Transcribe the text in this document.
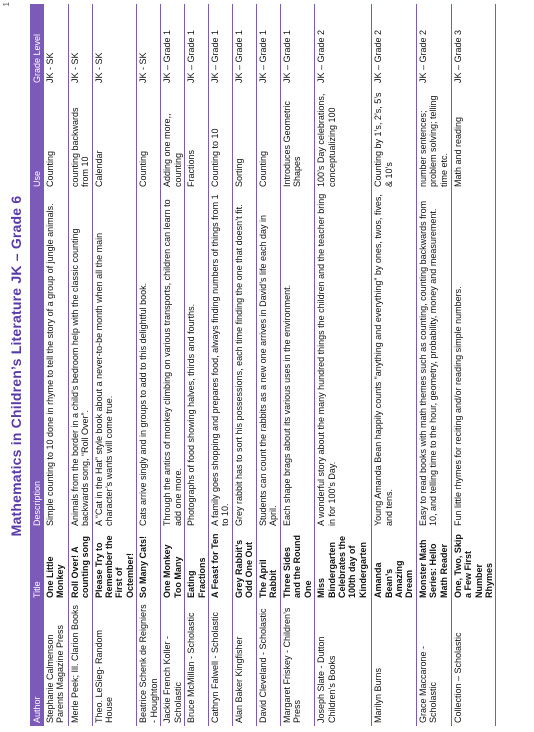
1
Mathematics in Children’s Literature JK – Grade 6
Author	Title	Description	Use	Grade Level
Stephanie Calmenson Parents Magazine Press	One Little Monkey	Simple counting to 10 done in rhyme to tell the story of a group of jungle animals.	Counting	JK - SK
Merle Peek; Ill. Clarion Books	Roll Over! A counting song	Animals from the border in a child’s bedroom help with the classic counting backwards song, “Roll Over”.	counting backwards from 10	JK - SK
Theo. LeSieg- Random House	Please Try to Remember the First of Octember!	A “Cat in the Hat” style book about a never-to-be month when all the main character’s wants will come true.	Calendar	JK - SK
Beatrice Schenk de Reigniers - Houghton	So Many Cats!	Cats arrive singly and in groups to add to this delightful book.	Counting	JK - SK
Jackie French Koller - Scholastic	One Monkey Too Many	Through the antics of monkey climbing on various transports, children can learn to add one more.	Adding one more,, counting	JK – Grade 1
Bruce McMillan - Scholastic	Eating Fractions	Photographs of food showing halves, thirds and fourths.	Fractions	JK – Grade 1
Cathryn Falwell - Scholastic	A Feast for Ten	A family goes shopping and prepares food, always finding numbers of things from 1 to 10.	Counting to 10	JK – Grade 1
Alan Baker Kingfisher	Grey Rabbit’s Odd One Out	Grey rabbit has to sort his possessions, each time finding the one that doesn’t fit.	Sorting	JK – Grade 1
David Cleveland - Scholastic	The April Rabbit	Students can count the rabbits as a new one arrives in David’s life each day in April.	Counting	JK – Grade 1
Margaret Friskey - Children’s Press	Three Sides and the Round One	Each shape brags about its various uses in the environment.	Introduces Geometric Shapes	JK – Grade 1
Joseph Slate - Dutton Children’s Books	Miss Bindergarten Celebrates the 100th day of Kindergarten	A wonderful story about the many hundred things the children and the teacher bring in for 100’s Day.	100’s Day celebrations, conceptualizing 100	JK – Grade 2
Marilyn Burns	Amanda Bean’s Amazing Dream	Young Amanda Bean happily counts “anything and everything” by ones, twos, fives, and tens.	Counting by 1’s, 2’s, 5’s & 10’s	JK – Grade 2
Grace Maccarone - Scholastic	Monster Math Series: Hello Math Reader	Easy to read books with math themes such as counting, counting backwards from 10, and telling time to the hour, geometry, probability, money and measurement.	number sentences; problem solving; telling time etc.	JK – Grade 2
Collection – Scholastic	One, Two, Skip a Few First Number Rhymes	Fun little rhymes for reciting and/or reading simple numbers.	Math and reading	JK – Grade 3
